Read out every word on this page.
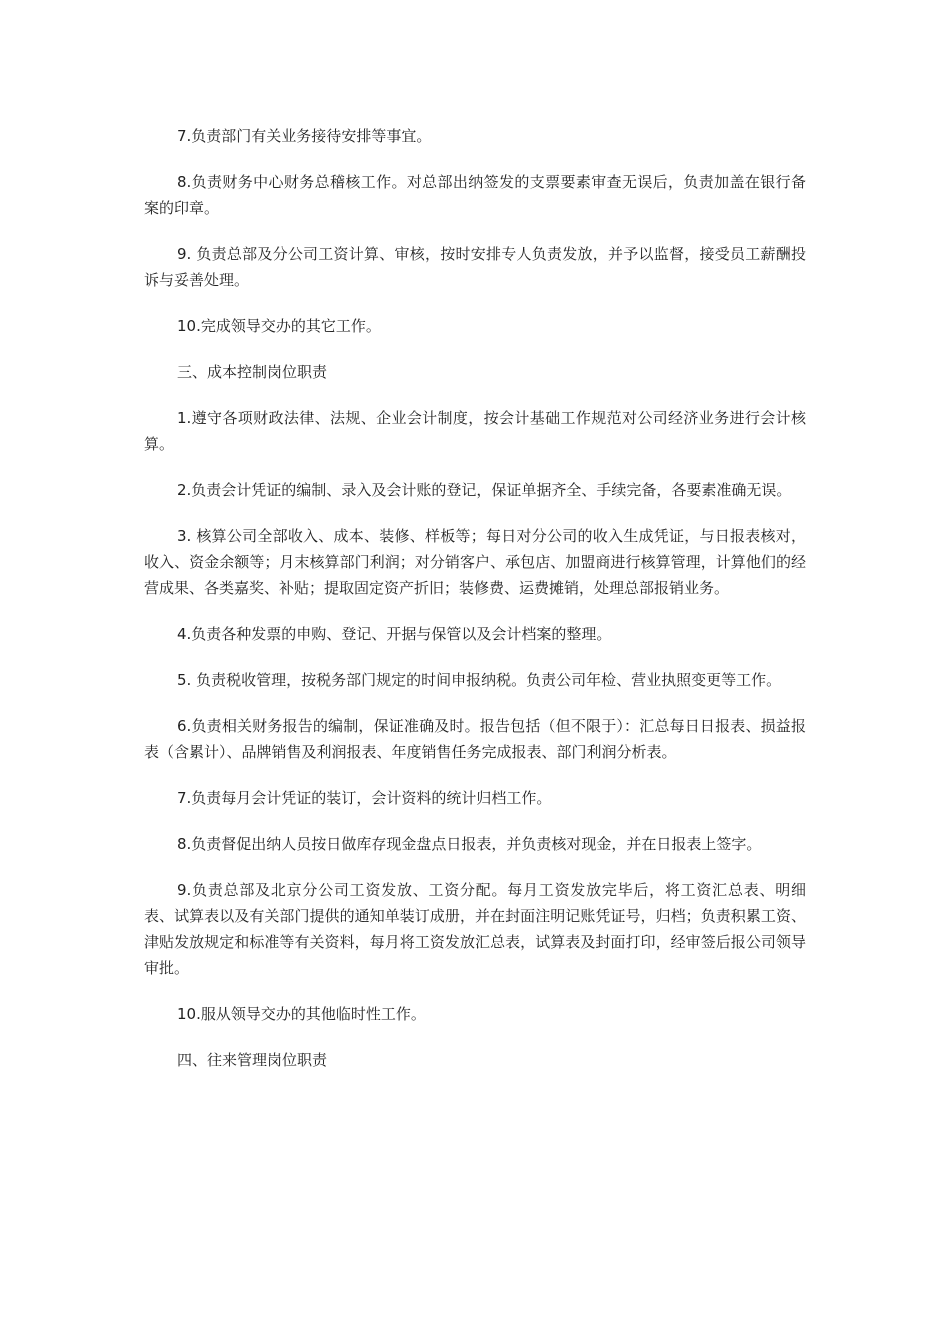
7.负责部门有关业务接待安排等事宜。

8.负责财务中心财务总稽核工作。对总部出纳签发的支票要素审查无误后，负责加盖在银行备案的印章。

9. 负责总部及分公司工资计算、审核，按时安排专人负责发放，并予以监督，接受员工薪酬投诉与妥善处理。

10.完成领导交办的其它工作。

三、成本控制岗位职责

1.遵守各项财政法律、法规、企业会计制度，按会计基础工作规范对公司经济业务进行会计核算。

2.负责会计凭证的编制、录入及会计账的登记，保证单据齐全、手续完备，各要素准确无误。

3. 核算公司全部收入、成本、装修、样板等；每日对分公司的收入生成凭证，与日报表核对，收入、资金余额等；月末核算部门利润；对分销客户、承包店、加盟商进行核算管理，计算他们的经营成果、各类嘉奖、补贴；提取固定资产折旧；装修费、运费摊销，处理总部报销业务。

4.负责各种发票的申购、登记、开据与保管以及会计档案的整理。

5. 负责税收管理，按税务部门规定的时间申报纳税。负责公司年检、营业执照变更等工作。

6.负责相关财务报告的编制，保证准确及时。报告包括（但不限于）：汇总每日日报表、损益报表（含累计）、品牌销售及利润报表、年度销售任务完成报表、部门利润分析表。

7.负责每月会计凭证的装订，会计资料的统计归档工作。

8.负责督促出纳人员按日做库存现金盘点日报表，并负责核对现金，并在日报表上签字。

9.负责总部及北京分公司工资发放、工资分配。每月工资发放完毕后，将工资汇总表、明细表、试算表以及有关部门提供的通知单装订成册，并在封面注明记账凭证号，归档；负责积累工资、津贴发放规定和标准等有关资料，每月将工资发放汇总表，试算表及封面打印，经审签后报公司领导审批。

10.服从领导交办的其他临时性工作。

四、往来管理岗位职责
